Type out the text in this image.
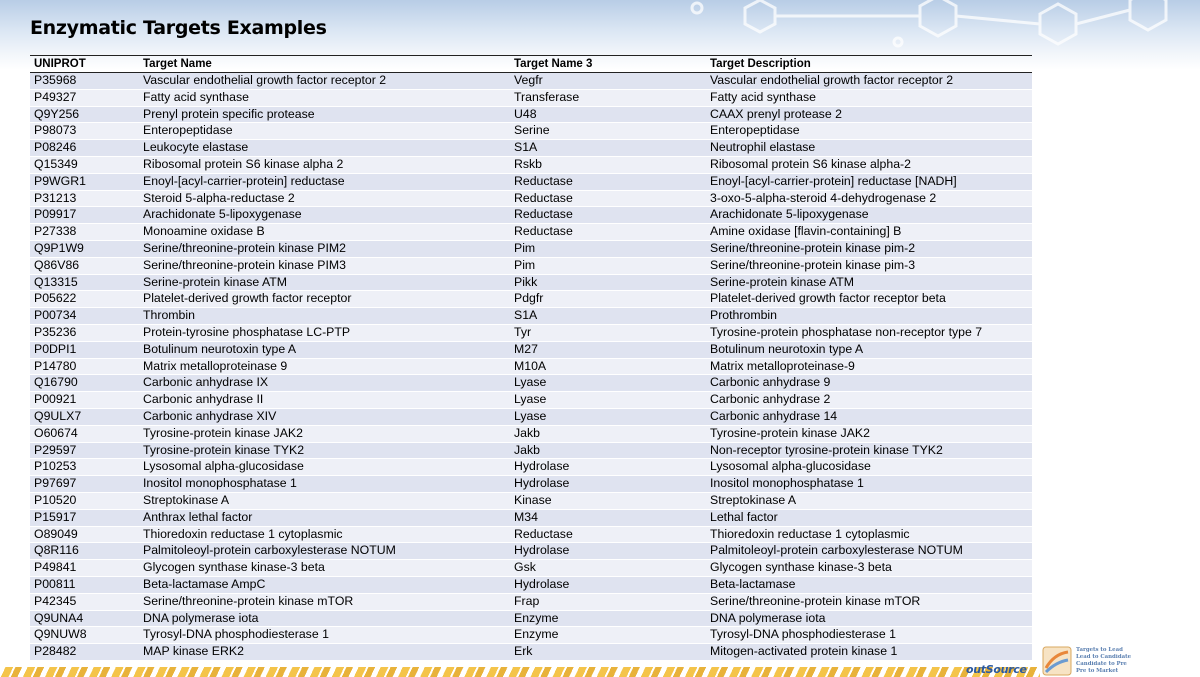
Enzymatic Targets Examples
UNIPROT	Target Name	Target Name 3	Target Description
P35968	Vascular endothelial growth factor receptor 2	Vegfr	Vascular endothelial growth factor receptor 2
P49327	Fatty acid synthase	Transferase	Fatty acid synthase
Q9Y256	Prenyl protein specific protease	U48	CAAX prenyl protease 2
P98073	Enteropeptidase	Serine	Enteropeptidase
P08246	Leukocyte elastase	S1A	Neutrophil elastase
Q15349	Ribosomal protein S6 kinase alpha 2	Rskb	Ribosomal protein S6 kinase alpha-2
P9WGR1	Enoyl-[acyl-carrier-protein] reductase	Reductase	Enoyl-[acyl-carrier-protein] reductase [NADH]
P31213	Steroid 5-alpha-reductase 2	Reductase	3-oxo-5-alpha-steroid 4-dehydrogenase 2
P09917	Arachidonate 5-lipoxygenase	Reductase	Arachidonate 5-lipoxygenase
P27338	Monoamine oxidase B	Reductase	Amine oxidase [flavin-containing] B
Q9P1W9	Serine/threonine-protein kinase PIM2	Pim	Serine/threonine-protein kinase pim-2
Q86V86	Serine/threonine-protein kinase PIM3	Pim	Serine/threonine-protein kinase pim-3
Q13315	Serine-protein kinase ATM	Pikk	Serine-protein kinase ATM
P05622	Platelet-derived growth factor receptor	Pdgfr	Platelet-derived growth factor receptor beta
P00734	Thrombin	S1A	Prothrombin
P35236	Protein-tyrosine phosphatase LC-PTP	Tyr	Tyrosine-protein phosphatase non-receptor type 7
P0DPI1	Botulinum neurotoxin type A	M27	Botulinum neurotoxin type A
P14780	Matrix metalloproteinase 9	M10A	Matrix metalloproteinase-9
Q16790	Carbonic anhydrase IX	Lyase	Carbonic anhydrase 9
P00921	Carbonic anhydrase II	Lyase	Carbonic anhydrase 2
Q9ULX7	Carbonic anhydrase XIV	Lyase	Carbonic anhydrase 14
O60674	Tyrosine-protein kinase JAK2	Jakb	Tyrosine-protein kinase JAK2
P29597	Tyrosine-protein kinase TYK2	Jakb	Non-receptor tyrosine-protein kinase TYK2
P10253	Lysosomal alpha-glucosidase	Hydrolase	Lysosomal alpha-glucosidase
P97697	Inositol monophosphatase 1	Hydrolase	Inositol monophosphatase 1
P10520	Streptokinase A	Kinase	Streptokinase A
P15917	Anthrax lethal factor	M34	Lethal factor
O89049	Thioredoxin reductase 1 cytoplasmic	Reductase	Thioredoxin reductase 1 cytoplasmic
Q8R116	Palmitoleoyl-protein carboxylesterase NOTUM	Hydrolase	Palmitoleoyl-protein carboxylesterase NOTUM
P49841	Glycogen synthase kinase-3 beta	Gsk	Glycogen synthase kinase-3 beta
P00811	Beta-lactamase AmpC	Hydrolase	Beta-lactamase
P42345	Serine/threonine-protein kinase mTOR	Frap	Serine/threonine-protein kinase mTOR
Q9UNA4	DNA polymerase iota	Enzyme	DNA polymerase iota
Q9NUW8	Tyrosyl-DNA phosphodiesterase 1	Enzyme	Tyrosyl-DNA phosphodiesterase 1
P28482	MAP kinase ERK2	Erk	Mitogen-activated protein kinase 1
outSource
Targets to Lead
Lead to Candidate
Candidate to Pre
Pre to Market
